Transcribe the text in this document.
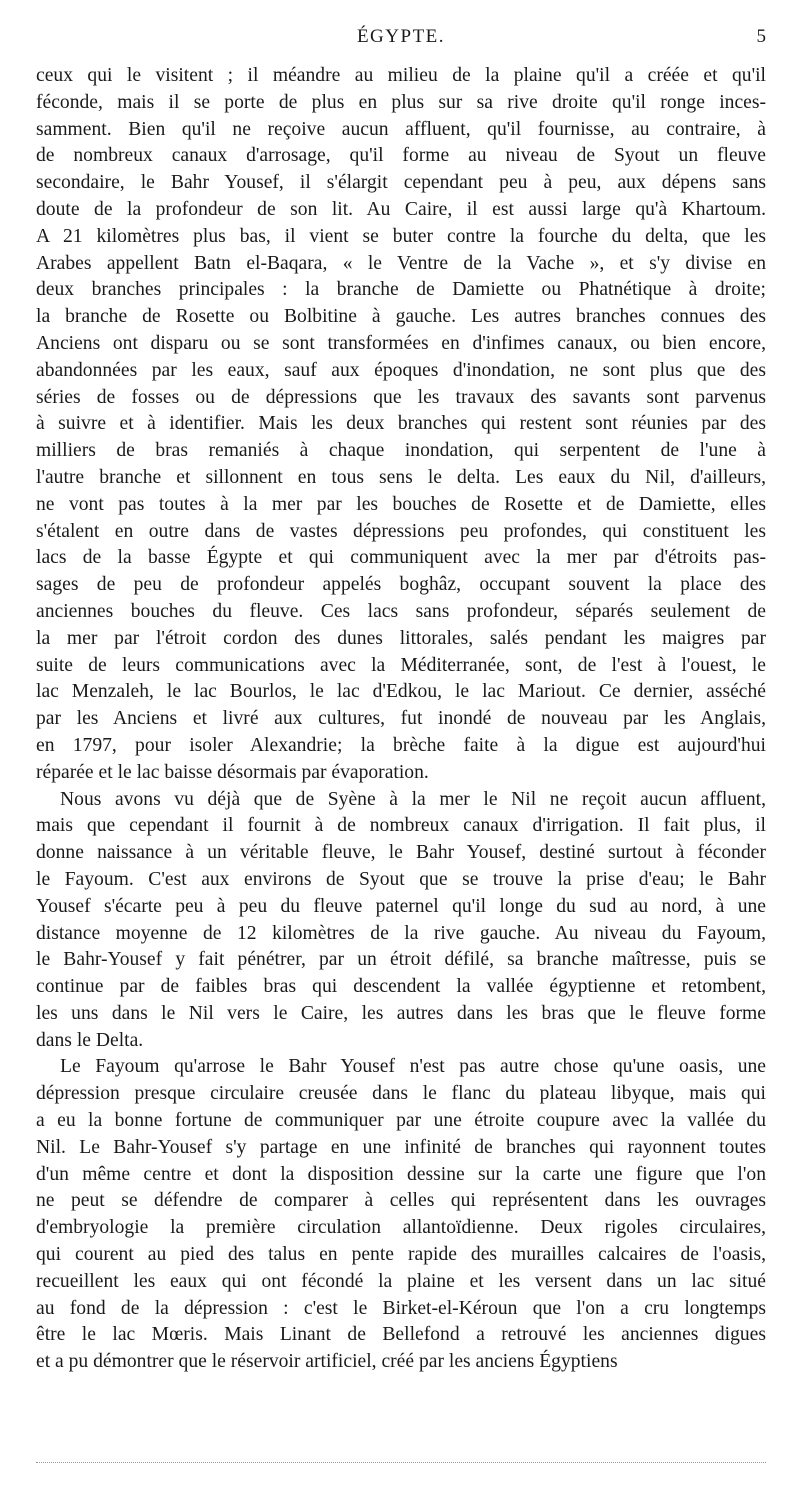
ÉGYPTE.	5
ceux qui le visitent ; il méandre au milieu de la plaine qu'il a créée et qu'il
féconde, mais il se porte de plus en plus sur sa rive droite qu'il ronge inces-
samment. Bien qu'il ne reçoive aucun affluent, qu'il fournisse, au contraire, à
de nombreux canaux d'arrosage, qu'il forme au niveau de Syout un fleuve
secondaire, le Bahr Yousef, il s'élargit cependant peu à peu, aux dépens sans
doute de la profondeur de son lit. Au Caire, il est aussi large qu'à Khartoum.
A 21 kilomètres plus bas, il vient se buter contre la fourche du delta, que les
Arabes appellent Batn el-Baqara, « le Ventre de la Vache », et s'y divise en
deux branches principales : la branche de Damiette ou Phatnétique à droite;
la branche de Rosette ou Bolbitine à gauche. Les autres branches connues des
Anciens ont disparu ou se sont transformées en d'infimes canaux, ou bien encore,
abandonnées par les eaux, sauf aux époques d'inondation, ne sont plus que des
séries de fosses ou de dépressions que les travaux des savants sont parvenus
à suivre et à identifier. Mais les deux branches qui restent sont réunies par des
milliers de bras remaniés à chaque inondation, qui serpentent de l'une à
l'autre branche et sillonnent en tous sens le delta. Les eaux du Nil, d'ailleurs,
ne vont pas toutes à la mer par les bouches de Rosette et de Damiette, elles
s'étalent en outre dans de vastes dépressions peu profondes, qui constituent les
lacs de la basse Égypte et qui communiquent avec la mer par d'étroits pas-
sages de peu de profondeur appelés boghâz, occupant souvent la place des
anciennes bouches du fleuve. Ces lacs sans profondeur, séparés seulement de
la mer par l'étroit cordon des dunes littorales, salés pendant les maigres par
suite de leurs communications avec la Méditerranée, sont, de l'est à l'ouest, le
lac Menzaleh, le lac Bourlos, le lac d'Edkou, le lac Mariout. Ce dernier, asséché
par les Anciens et livré aux cultures, fut inondé de nouveau par les Anglais,
en 1797, pour isoler Alexandrie; la brèche faite à la digue est aujourd'hui
réparée et le lac baisse désormais par évaporation.
Nous avons vu déjà que de Syène à la mer le Nil ne reçoit aucun affluent,
mais que cependant il fournit à de nombreux canaux d'irrigation. Il fait plus, il
donne naissance à un véritable fleuve, le Bahr Yousef, destiné surtout à féconder
le Fayoum. C'est aux environs de Syout que se trouve la prise d'eau; le Bahr
Yousef s'écarte peu à peu du fleuve paternel qu'il longe du sud au nord, à une
distance moyenne de 12 kilomètres de la rive gauche. Au niveau du Fayoum,
le Bahr-Yousef y fait pénétrer, par un étroit défilé, sa branche maîtresse, puis se
continue par de faibles bras qui descendent la vallée égyptienne et retombent,
les uns dans le Nil vers le Caire, les autres dans les bras que le fleuve forme
dans le Delta.
Le Fayoum qu'arrose le Bahr Yousef n'est pas autre chose qu'une oasis, une
dépression presque circulaire creusée dans le flanc du plateau libyque, mais qui
a eu la bonne fortune de communiquer par une étroite coupure avec la vallée du
Nil. Le Bahr-Yousef s'y partage en une infinité de branches qui rayonnent toutes
d'un même centre et dont la disposition dessine sur la carte une figure que l'on
ne peut se défendre de comparer à celles qui représentent dans les ouvrages
d'embryologie la première circulation allantoïdienne. Deux rigoles circulaires,
qui courent au pied des talus en pente rapide des murailles calcaires de l'oasis,
recueillent les eaux qui ont fécondé la plaine et les versent dans un lac situé
au fond de la dépression : c'est le Birket-el-Kéroun que l'on a cru longtemps
être le lac Mœris. Mais Linant de Bellefond a retrouvé les anciennes digues
et a pu démontrer que le réservoir artificiel, créé par les anciens Égyptiens
